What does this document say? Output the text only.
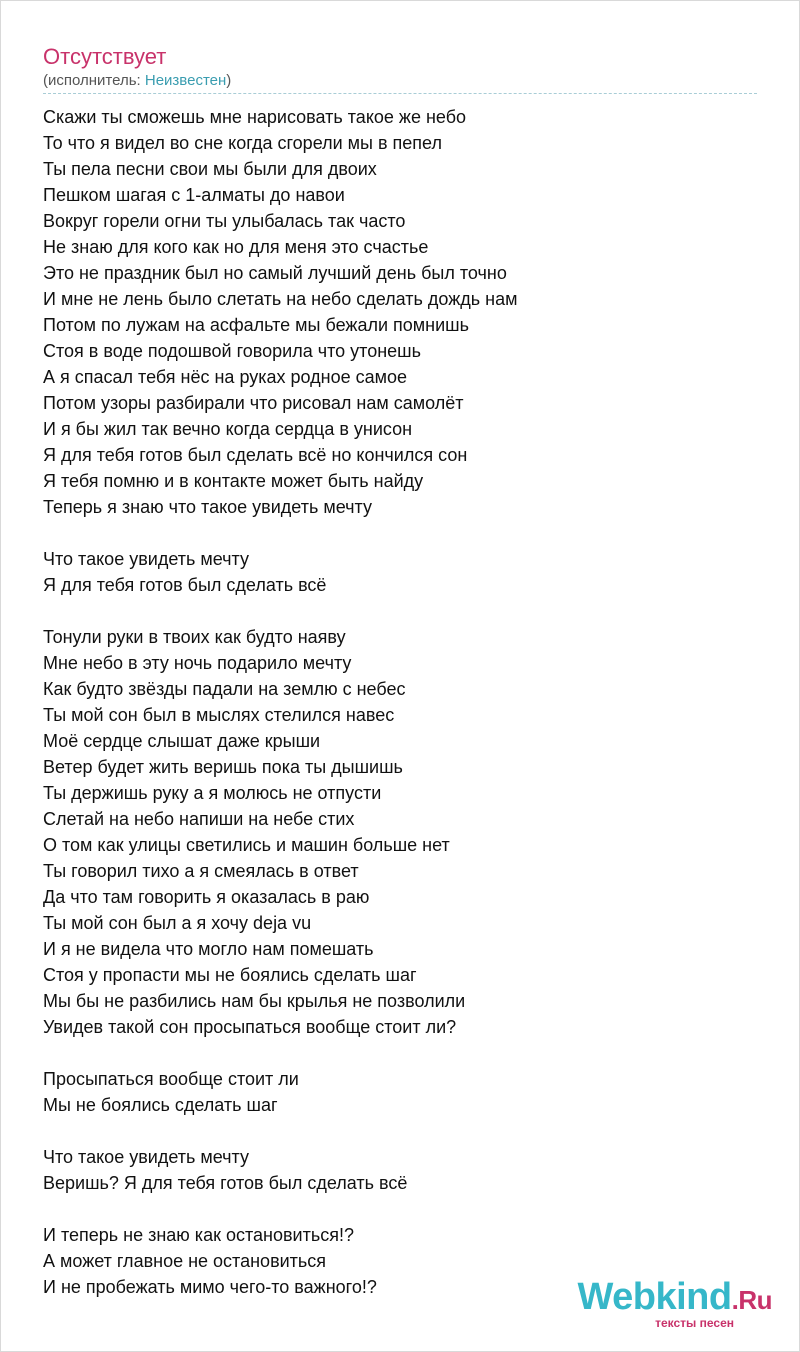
Отсутствует
(исполнитель: Неизвестен)
Скажи ты сможешь мне нарисовать такое же небо
То что я видел во сне когда сгорели мы в пепел
Ты пела песни свои мы были для двоих
Пешком шагая с 1-алматы до навои
Вокруг горели огни ты улыбалась так часто
Не знаю для кого как но для меня это счастье
Это не праздник был но самый лучший день был точно
И мне не лень было слетать на небо сделать дождь нам
Потом по лужам на асфальте мы бежали помнишь
Стоя в воде подошвой говорила что утонешь
А я спасал тебя нёс на руках родное самое
Потом узоры разбирали что рисовал нам самолёт
И я бы жил так вечно когда сердца в унисон
Я для тебя готов был сделать всё но кончился сон
Я тебя помню и в контакте может быть найду
Теперь я знаю что такое увидеть мечту
Что такое увидеть мечту
Я для тебя готов был сделать всё
Тонули руки в твоих как будто наяву
Мне небо в эту ночь подарило мечту
Как будто звёзды падали на землю с небес
Ты мой сон был в мыслях стелился навес
Моё сердце слышат даже крыши
Ветер будет жить веришь пока ты дышишь
Ты держишь руку а я молюсь не отпусти
Слетай на небо напиши на небе стих
О том как улицы светились и машин больше нет
Ты говорил тихо а я смеялась в ответ
Да что там говорить я оказалась в раю
Ты мой сон был а я хочу deja vu
И я не видела что могло нам помешать
Стоя у пропасти мы не боялись сделать шаг
Мы бы не разбились нам бы крылья не позволили
Увидев такой сон просыпаться вообще стоит ли?
Просыпаться вообще стоит ли
Мы не боялись сделать шаг
Что такое увидеть мечту
Веришь? Я для тебя готов был сделать всё
И теперь не знаю как остановиться!?
А может главное не остановиться
И не пробежать мимо чего-то важного!?	Webkind.Ru
тексты песен
